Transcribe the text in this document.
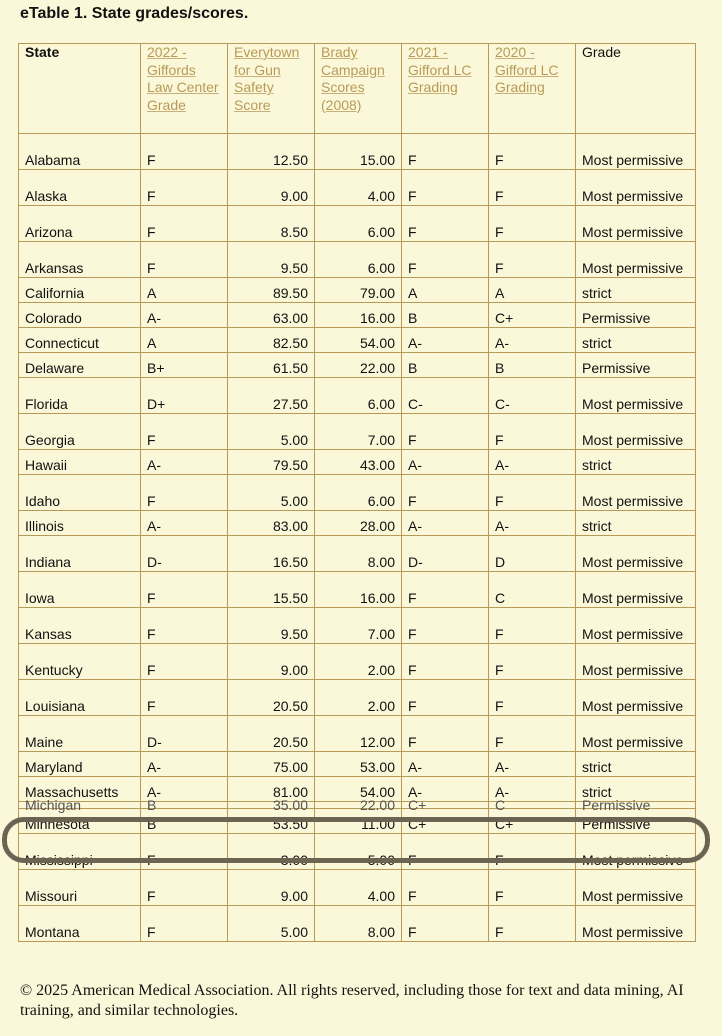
eTable 1. State grades/scores.
State	2022 - Giffords Law Center Grade	Everytown for Gun Safety Score	Brady Campaign Scores (2008)	2021 - Gifford LC Grading	2020 - Gifford LC Grading	Grade
Alabama	F	12.50	15.00	F	F	Most permissive
Alaska	F	9.00	4.00	F	F	Most permissive
Arizona	F	8.50	6.00	F	F	Most permissive
Arkansas	F	9.50	6.00	F	F	Most permissive
California	A	89.50	79.00	A	A	strict
Colorado	A-	63.00	16.00	B	C+	Permissive
Connecticut	A	82.50	54.00	A-	A-	strict
Delaware	B+	61.50	22.00	B	B	Permissive
Florida	D+	27.50	6.00	C-	C-	Most permissive
Georgia	F	5.00	7.00	F	F	Most permissive
Hawaii	A-	79.50	43.00	A-	A-	strict
Idaho	F	5.00	6.00	F	F	Most permissive
Illinois	A-	83.00	28.00	A-	A-	strict
Indiana	D-	16.50	8.00	D-	D	Most permissive
Iowa	F	15.50	16.00	F	C	Most permissive
Kansas	F	9.50	7.00	F	F	Most permissive
Kentucky	F	9.00	2.00	F	F	Most permissive
Louisiana	F	20.50	2.00	F	F	Most permissive
Maine	D-	20.50	12.00	F	F	Most permissive
Maryland	A-	75.00	53.00	A-	A-	strict
Massachusetts	A-	81.00	54.00	A-	A-	strict
Michigan	B	35.00	22.00	C+	C	Permissive
Minnesota	B	53.50	11.00	C+	C+	Permissive
Mississippi	F	3.00	5.00	F	F	Most permissive
Missouri	F	9.00	4.00	F	F	Most permissive
Montana	F	5.00	8.00	F	F	Most permissive
© 2025 American Medical Association. All rights reserved, including those for text and data mining, AI training, and similar technologies.
